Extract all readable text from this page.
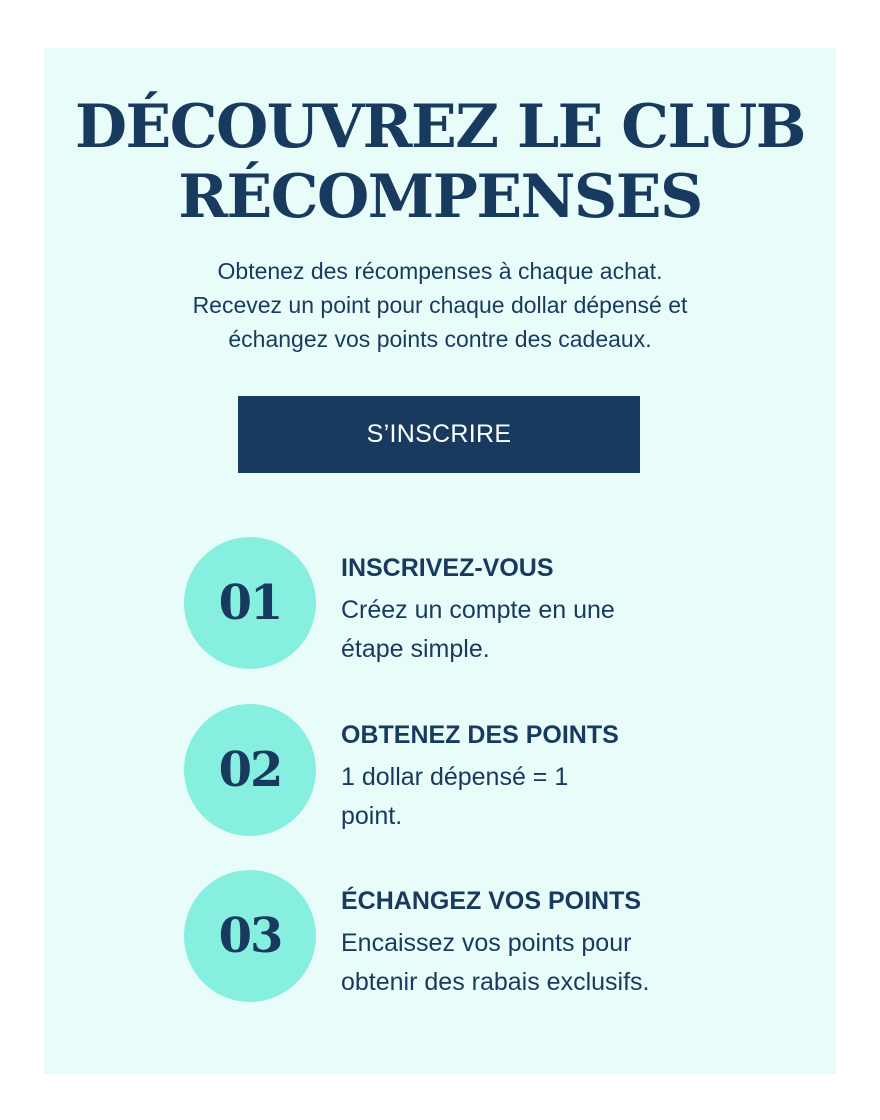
DÉCOUVREZ LE CLUB
RÉCOMPENSES
Obtenez des récompenses à chaque achat.
Recevez un point pour chaque dollar dépensé et
échangez vos points contre des cadeaux.
S’INSCRIRE
01
INSCRIVEZ-VOUS
Créez un compte en une
étape simple.
02
OBTENEZ DES POINTS
1 dollar dépensé = 1
point.
03
ÉCHANGEZ VOS POINTS
Encaissez vos points pour
obtenir des rabais exclusifs.
